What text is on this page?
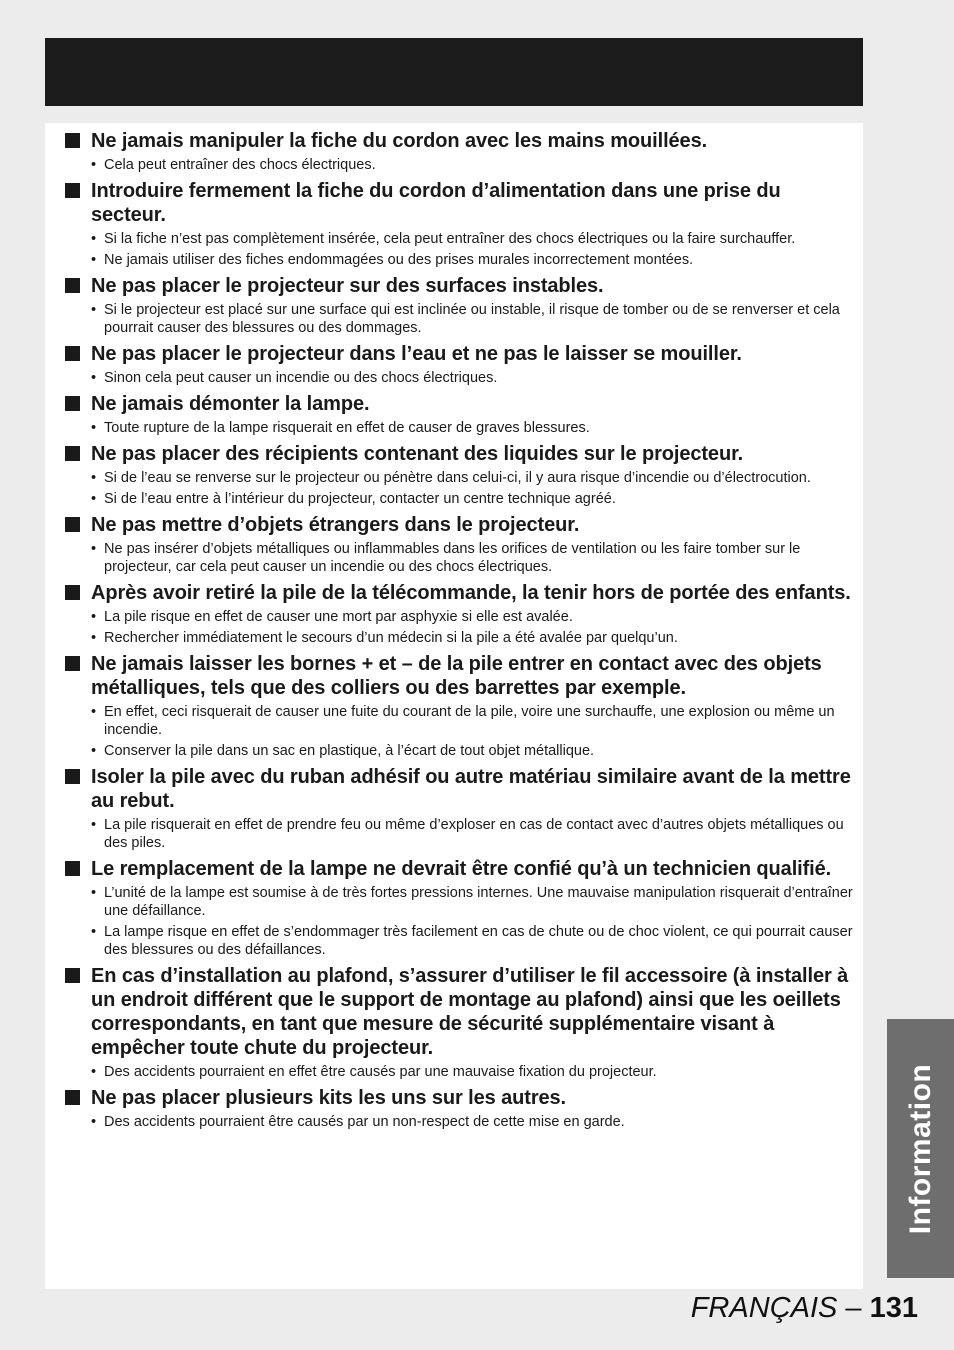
Ne jamais manipuler la fiche du cordon avec les mains mouillées.
• Cela peut entraîner des chocs électriques.
Introduire fermement la fiche du cordon d’alimentation dans une prise du secteur.
• Si la fiche n’est pas complètement insérée, cela peut entraîner des chocs électriques ou la faire surchauffer.
• Ne jamais utiliser des fiches endommagées ou des prises murales incorrectement montées.
Ne pas placer le projecteur sur des surfaces instables.
• Si le projecteur est placé sur une surface qui est inclinée ou instable, il risque de tomber ou de se renverser et cela pourrait causer des blessures ou des dommages.
Ne pas placer le projecteur dans l’eau et ne pas le laisser se mouiller.
• Sinon cela peut causer un incendie ou des chocs électriques.
Ne jamais démonter la lampe.
• Toute rupture de la lampe risquerait en effet de causer de graves blessures.
Ne pas placer des récipients contenant des liquides sur le projecteur.
• Si de l’eau se renverse sur le projecteur ou pénètre dans celui-ci, il y aura risque d’incendie ou d’électrocution.
• Si de l’eau entre à l’intérieur du projecteur, contacter un centre technique agréé.
Ne pas mettre d’objets étrangers dans le projecteur.
• Ne pas insérer d’objets métalliques ou inflammables dans les orifices de ventilation ou les faire tomber sur le projecteur, car cela peut causer un incendie ou des chocs électriques.
Après avoir retiré la pile de la télécommande, la tenir hors de portée des enfants.
• La pile risque en effet de causer une mort par asphyxie si elle est avalée.
• Rechercher immédiatement le secours d’un médecin si la pile a été avalée par quelqu’un.
Ne jamais laisser les bornes + et – de la pile entrer en contact avec des objets métalliques, tels que des colliers ou des barrettes par exemple.
• En effet, ceci risquerait de causer une fuite du courant de la pile, voire une surchauffe, une explosion ou même un incendie.
• Conserver la pile dans un sac en plastique, à l’écart de tout objet métallique.
Isoler la pile avec du ruban adhésif ou autre matériau similaire avant de la mettre au rebut.
• La pile risquerait en effet de prendre feu ou même d’exploser en cas de contact avec d’autres objets métalliques ou des piles.
Le remplacement de la lampe ne devrait être confié qu’à un technicien qualifié.
• L’unité de la lampe est soumise à de très fortes pressions internes. Une mauvaise manipulation risquerait d’entraîner une défaillance.
• La lampe risque en effet de s’endommager très facilement en cas de chute ou de choc violent, ce qui pourrait causer des blessures ou des défaillances.
En cas d’installation au plafond, s’assurer d’utiliser le fil accessoire (à installer à un endroit différent que le support de montage au plafond) ainsi que les oeillets correspondants, en tant que mesure de sécurité supplémentaire visant à empêcher toute chute du projecteur.
• Des accidents pourraient en effet être causés par une mauvaise fixation du projecteur.
Ne pas placer plusieurs kits les uns sur les autres.
• Des accidents pourraient être causés par un non-respect de cette mise en garde.	Information
FRANÇAIS – 131
